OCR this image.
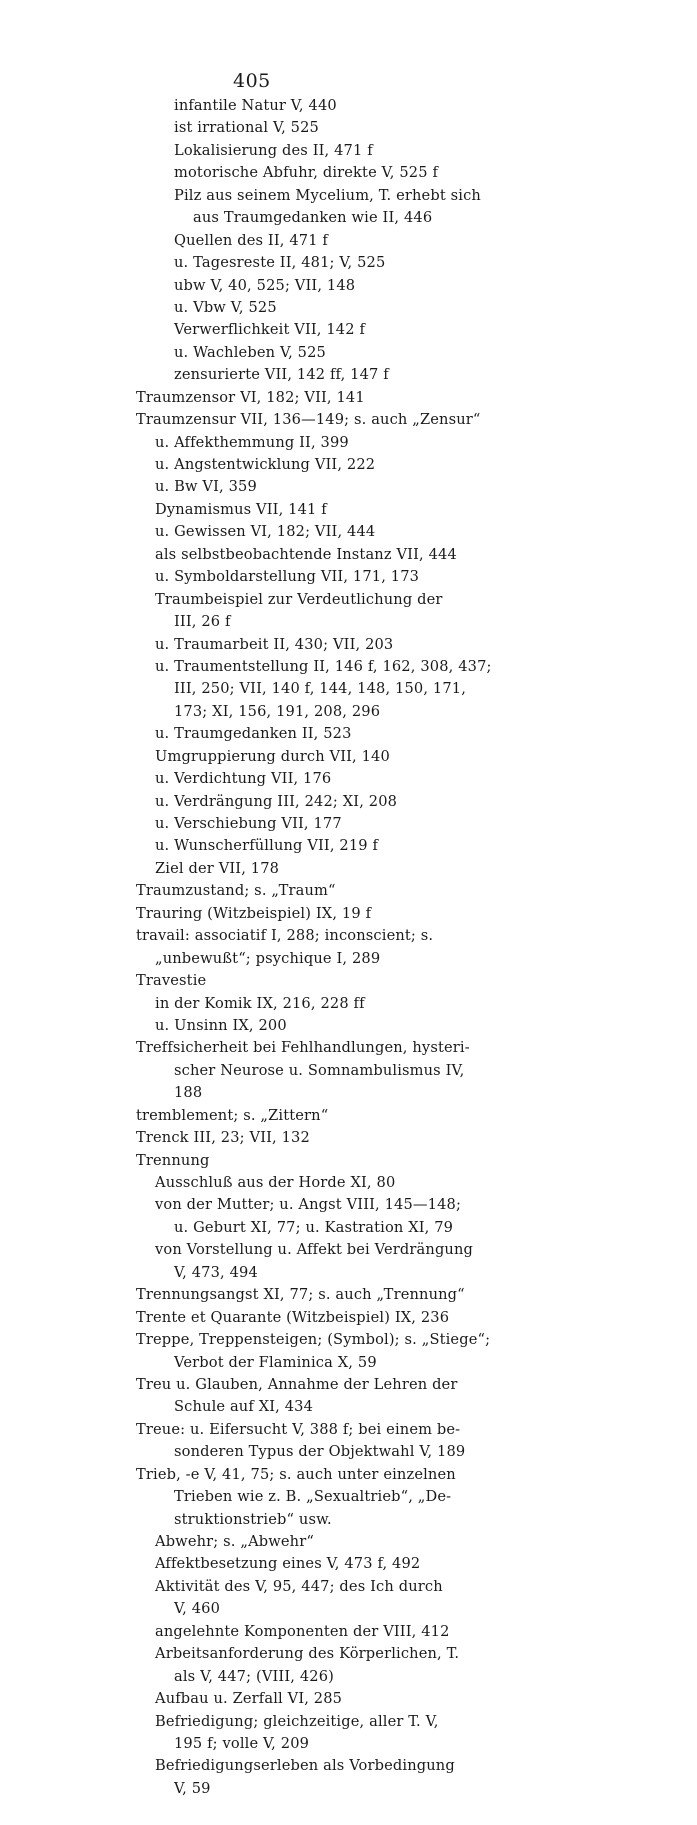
405
infantile Natur V, 440
ist irrational V, 525
Lokalisierung des II, 471 f
motorische Abfuhr, direkte V, 525 f
Pilz aus seinem Mycelium, T. erhebt sich
aus Traumgedanken wie II, 446
Quellen des II, 471 f
u. Tagesreste II, 481; V, 525
ubw V, 40, 525; VII, 148
u. Vbw V, 525
Verwerflichkeit VII, 142 f
u. Wachleben V, 525
zensurierte VII, 142 ff, 147 f
Traumzensor VI, 182; VII, 141
Traumzensur VII, 136—149; s. auch „Zensur“
u. Affekthemmung II, 399
u. Angstentwicklung VII, 222
u. Bw VI, 359
Dynamismus VII, 141 f
u. Gewissen VI, 182; VII, 444
als selbstbeobachtende Instanz VII, 444
u. Symboldarstellung VII, 171, 173
Traumbeispiel zur Verdeutlichung der
III, 26 f
u. Traumarbeit II, 430; VII, 203
u. Traumentstellung II, 146 f, 162, 308, 437;
III, 250; VII, 140 f, 144, 148, 150, 171,
173; XI, 156, 191, 208, 296
u. Traumgedanken II, 523
Umgruppierung durch VII, 140
u. Verdichtung VII, 176
u. Verdrängung III, 242; XI, 208
u. Verschiebung VII, 177
u. Wunscherfüllung VII, 219 f
Ziel der VII, 178
Traumzustand; s. „Traum“
Trauring (Witzbeispiel) IX, 19 f
travail: associatif I, 288; inconscient; s.
„unbewußt“; psychique I, 289
Travestie
in der Komik IX, 216, 228 ff
u. Unsinn IX, 200
Treffsicherheit bei Fehlhandlungen, hysteri-
scher Neurose u. Somnambulismus IV,
188
tremblement; s. „Zittern“
Trenck III, 23; VII, 132
Trennung
Ausschluß aus der Horde XI, 80
von der Mutter; u. Angst VIII, 145—148;
u. Geburt XI, 77; u. Kastration XI, 79
von Vorstellung u. Affekt bei Verdrängung
V, 473, 494
Trennungsangst XI, 77; s. auch „Trennung“
Trente et Quarante (Witzbeispiel) IX, 236
Treppe, Treppensteigen; (Symbol); s. „Stiege“;
Verbot der Flaminica X, 59
Treu u. Glauben, Annahme der Lehren der
Schule auf XI, 434
Treue: u. Eifersucht V, 388 f; bei einem be-
sonderen Typus der Objektwahl V, 189
Trieb, -e V, 41, 75; s. auch unter einzelnen
Trieben wie z. B. „Sexualtrieb“, „De-
struktionstrieb“ usw.
Abwehr; s. „Abwehr“
Affektbesetzung eines V, 473 f, 492
Aktivität des V, 95, 447; des Ich durch
V, 460
angelehnte Komponenten der VIII, 412
Arbeitsanforderung des Körperlichen, T.
als V, 447; (VIII, 426)
Aufbau u. Zerfall VI, 285
Befriedigung; gleichzeitige, aller T. V,
195 f; volle V, 209
Befriedigungserleben als Vorbedingung
V, 59
